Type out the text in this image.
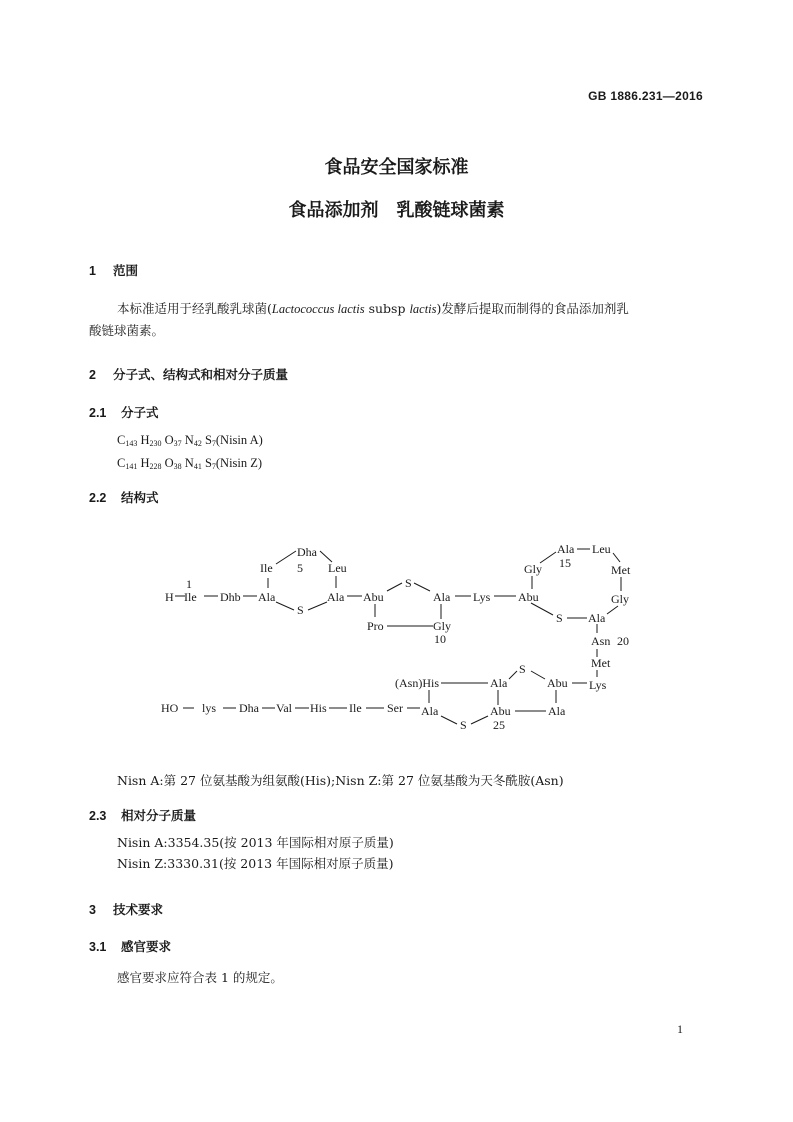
GB 1886.231—2016
食品安全国家标准
食品添加剂　乳酸链球菌素
1 范围
本标准适用于经乳酸乳球菌(Lactococcus lactis subsp lactis)发酵后提取而制得的食品添加剂乳
酸链球菌素。
2 分子式、结构式和相对分子质量
2.1 分子式
$C_{143}$ $H_{230}$ $O_{37}$ $N_{42}$ $S_7(Nisin$ A)
$C_{141}$ $H_{228}$ $O_{38}$ $N_{41}$ $S_7(Nisin$ Z)
2.2 结构式
H
1
Ile Dhb Ala
Ile
Dha
5 Leu
S
Ala Abu
S
Ala
Pro	Gly
10
Lys Abu
Gly
Ala
15
Leu
Met
Gly
Ala
S
Asn 20
Met
Lys
(Asn)His	Ala
S
Abu
Abu
25
Ala
S
HO lys Dha Val His Ile Ser Ala
Nisn A:第 27 位氨基酸为组氨酸(His);Nisn Z:第 27 位氨基酸为天冬酰胺(Asn)
2.3 相对分子质量
Nisin A:3354.35(按 2013 年国际相对原子质量)
Nisin Z:3330.31(按 2013 年国际相对原子质量)
3 技术要求
3.1 感官要求
感官要求应符合表 1 的规定。
1
